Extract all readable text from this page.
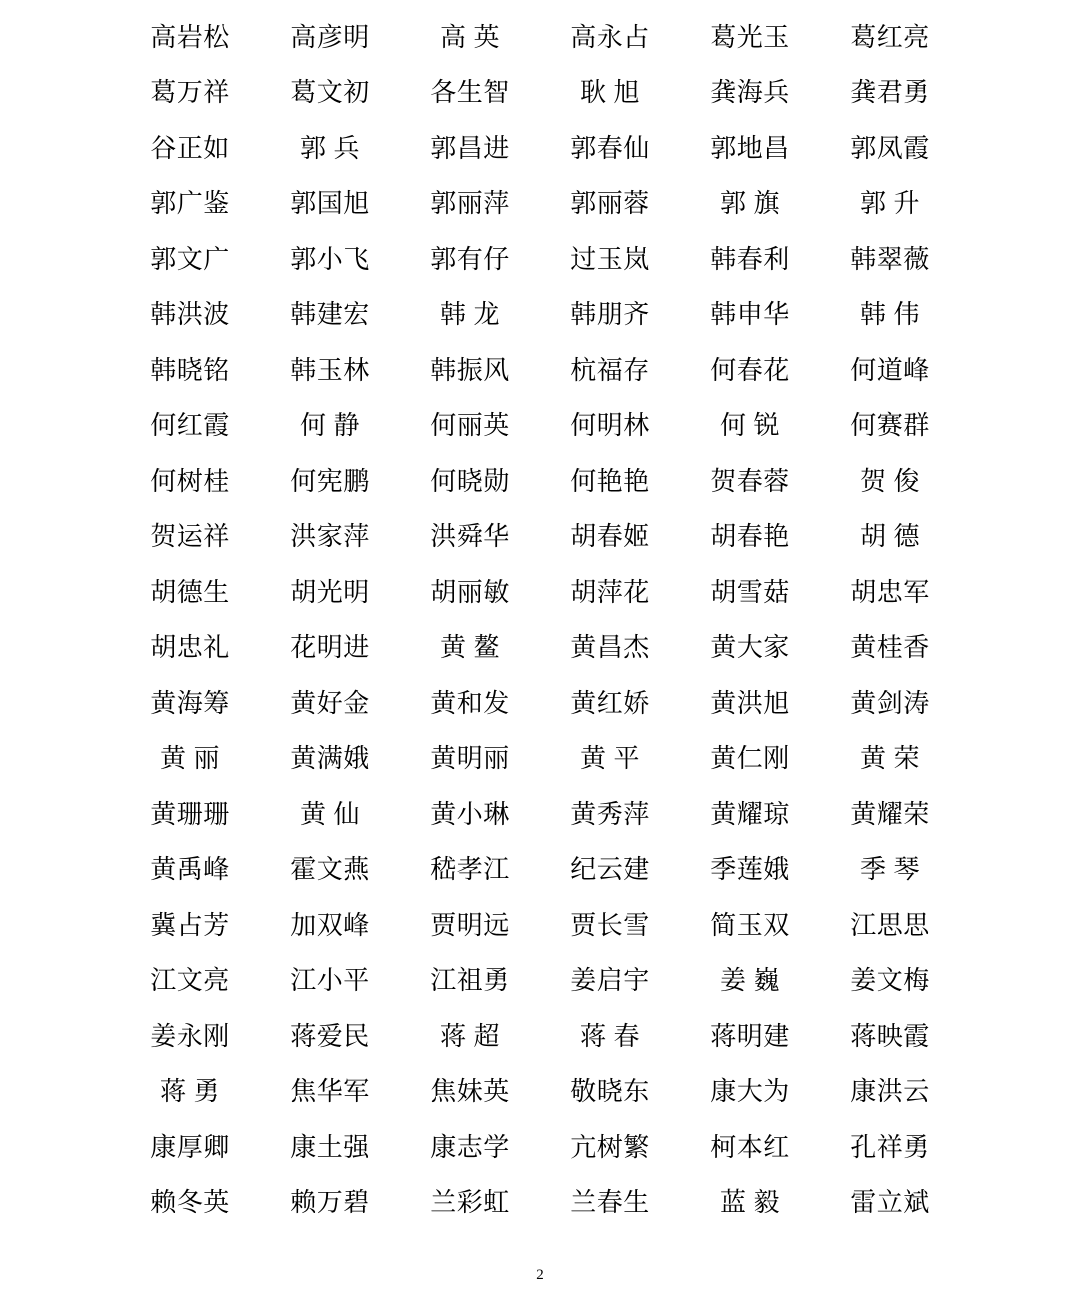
高岩松	高彦明	高 英	高永占	葛光玉	葛红亮
葛万祥	葛文初	各生智	耿 旭	龚海兵	龚君勇
谷正如	郭 兵	郭昌进	郭春仙	郭地昌	郭凤霞
郭广鉴	郭国旭	郭丽萍	郭丽蓉	郭 旗	郭 升
郭文广	郭小飞	郭有仔	过玉岚	韩春利	韩翠薇
韩洪波	韩建宏	韩 龙	韩朋齐	韩申华	韩 伟
韩晓铭	韩玉林	韩振风	杭福存	何春花	何道峰
何红霞	何 静	何丽英	何明林	何 锐	何赛群
何树桂	何宪鹏	何晓勋	何艳艳	贺春蓉	贺 俊
贺运祥	洪家萍	洪舜华	胡春姬	胡春艳	胡 德
胡德生	胡光明	胡丽敏	胡萍花	胡雪菇	胡忠军
胡忠礼	花明进	黄 鳌	黄昌杰	黄大家	黄桂香
黄海筹	黄好金	黄和发	黄红娇	黄洪旭	黄剑涛
黄 丽	黄满娥	黄明丽	黄 平	黄仁刚	黄 荣
黄珊珊	黄 仙	黄小琳	黄秀萍	黄耀琼	黄耀荣
黄禹峰	霍文燕	嵇孝江	纪云建	季莲娥	季 琴
冀占芳	加双峰	贾明远	贾长雪	简玉双	江思思
江文亮	江小平	江祖勇	姜启宇	姜 巍	姜文梅
姜永刚	蒋爱民	蒋 超	蒋 春	蒋明建	蒋映霞
蒋 勇	焦华军	焦妹英	敬晓东	康大为	康洪云
康厚卿	康土强	康志学	亢树繁	柯本红	孔祥勇
赖冬英	赖万碧	兰彩虹	兰春生	蓝 毅	雷立斌
2
